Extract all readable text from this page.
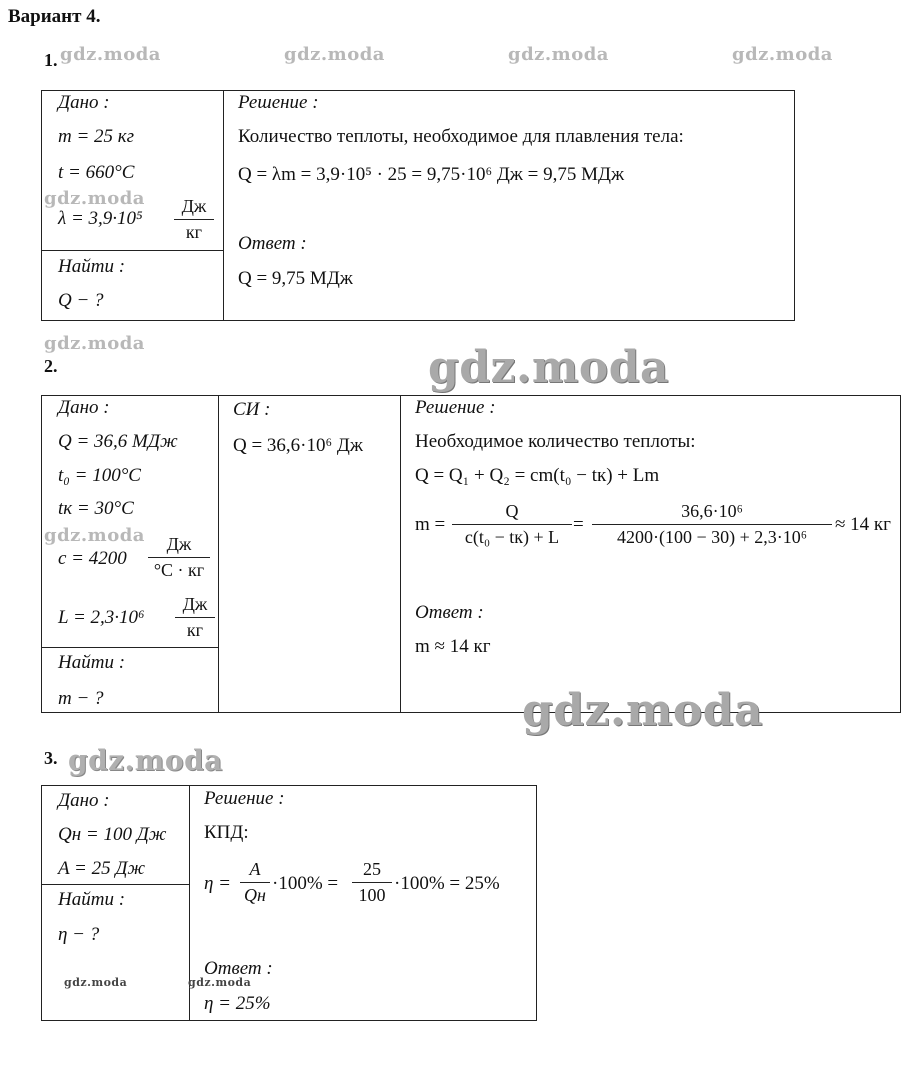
Вариант 4.
1.
Дано :
m = 25 кг
t = 660°C
λ = 3,9·10⁵
Дж
кг
Найти :
Q − ?
Решение :
Количество теплоты, необходимое для плавления тела:
Q = λm = 3,9·10⁵ · 25 = 9,75·10⁶ Дж = 9,75 МДж
Ответ :
Q = 9,75 МДж
2.
Дано :
Q = 36,6 МДж
t₀ = 100°C
tк = 30°C
c = 4200
Дж
°C · кг
L = 2,3·10⁶
Дж
кг
Найти :
m − ?
СИ :
Q = 36,6·10⁶ Дж
Решение :
Необходимое количество теплоты:
Q = Q₁ + Q₂ = cm(t₀ − tк) + Lm
m =
Q
c(t₀ − tк) + L
=
36,6·10⁶
4200·(100 − 30) + 2,3·10⁶
≈ 14 кг
Ответ :
m ≈ 14 кг
3.
Дано :
Qн = 100 Дж
A = 25 Дж
Найти :
η − ?
Решение :
КПД:
η =
A
Qн
·100% =
25
100
·100% = 25%
Ответ :
η = 25%
gdz.moda	gdz.moda	gdz.moda	gdz.moda
gdz.moda
gdz.moda	gdz.moda
gdz.moda
gdz.moda
gdz.moda
gdz.moda	gdz.moda
